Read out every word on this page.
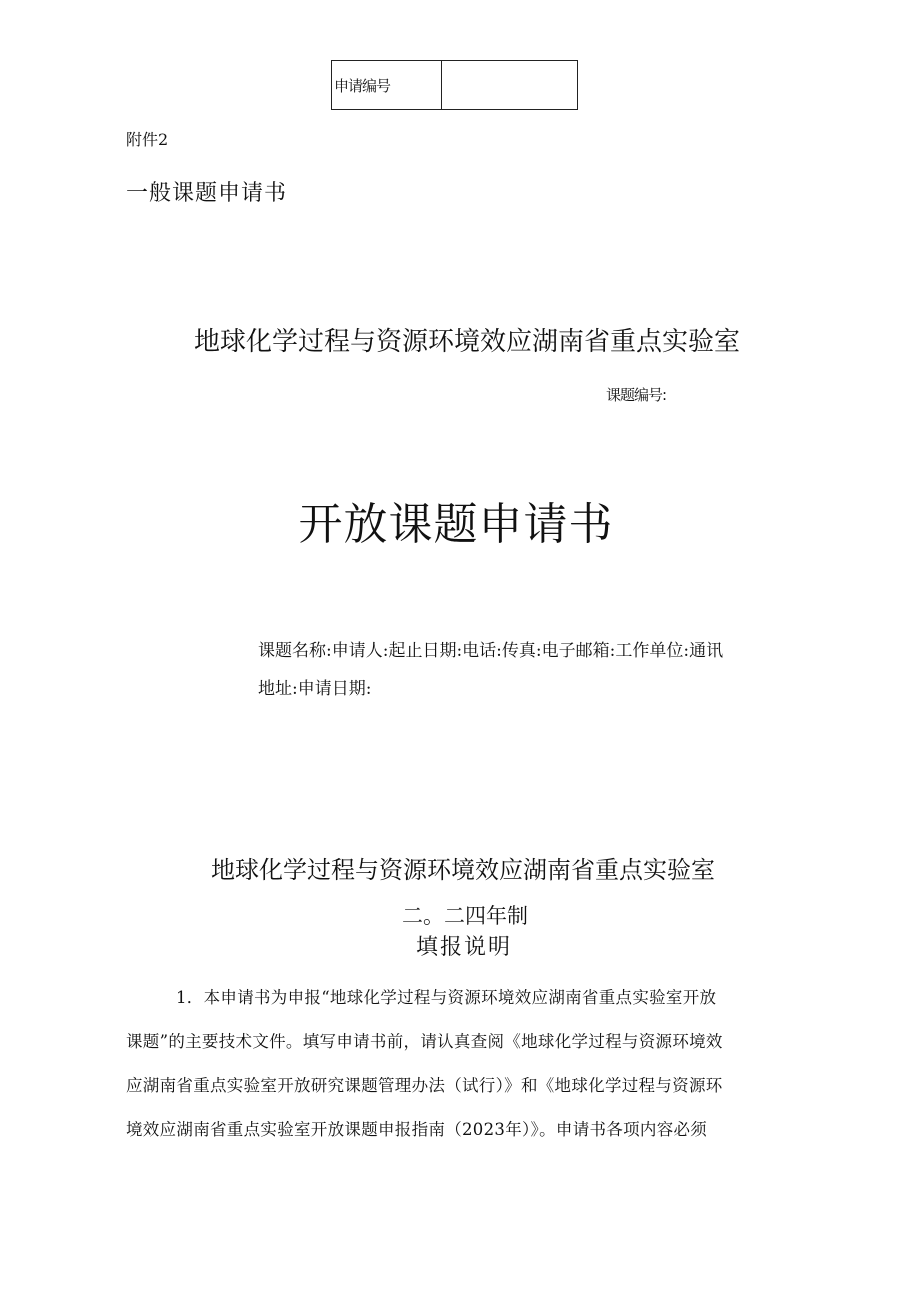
申请编号
附件2
一般课题申请书
地球化学过程与资源环境效应湖南省重点实验室
课题编号:
开放课题申请书
课题名称:申请人:起止日期:电话:传真:电子邮箱:工作单位:通讯
地址:申请日期:
地球化学过程与资源环境效应湖南省重点实验室
二。二四年制
填报说明
1．本申请书为申报“地球化学过程与资源环境效应湖南省重点实验室开放
课题”的主要技术文件。填写申请书前，请认真查阅《地球化学过程与资源环境效
应湖南省重点实验室开放研究课题管理办法（试行）》和《地球化学过程与资源环
境效应湖南省重点实验室开放课题申报指南（2023年）》。申请书各项内容必须
